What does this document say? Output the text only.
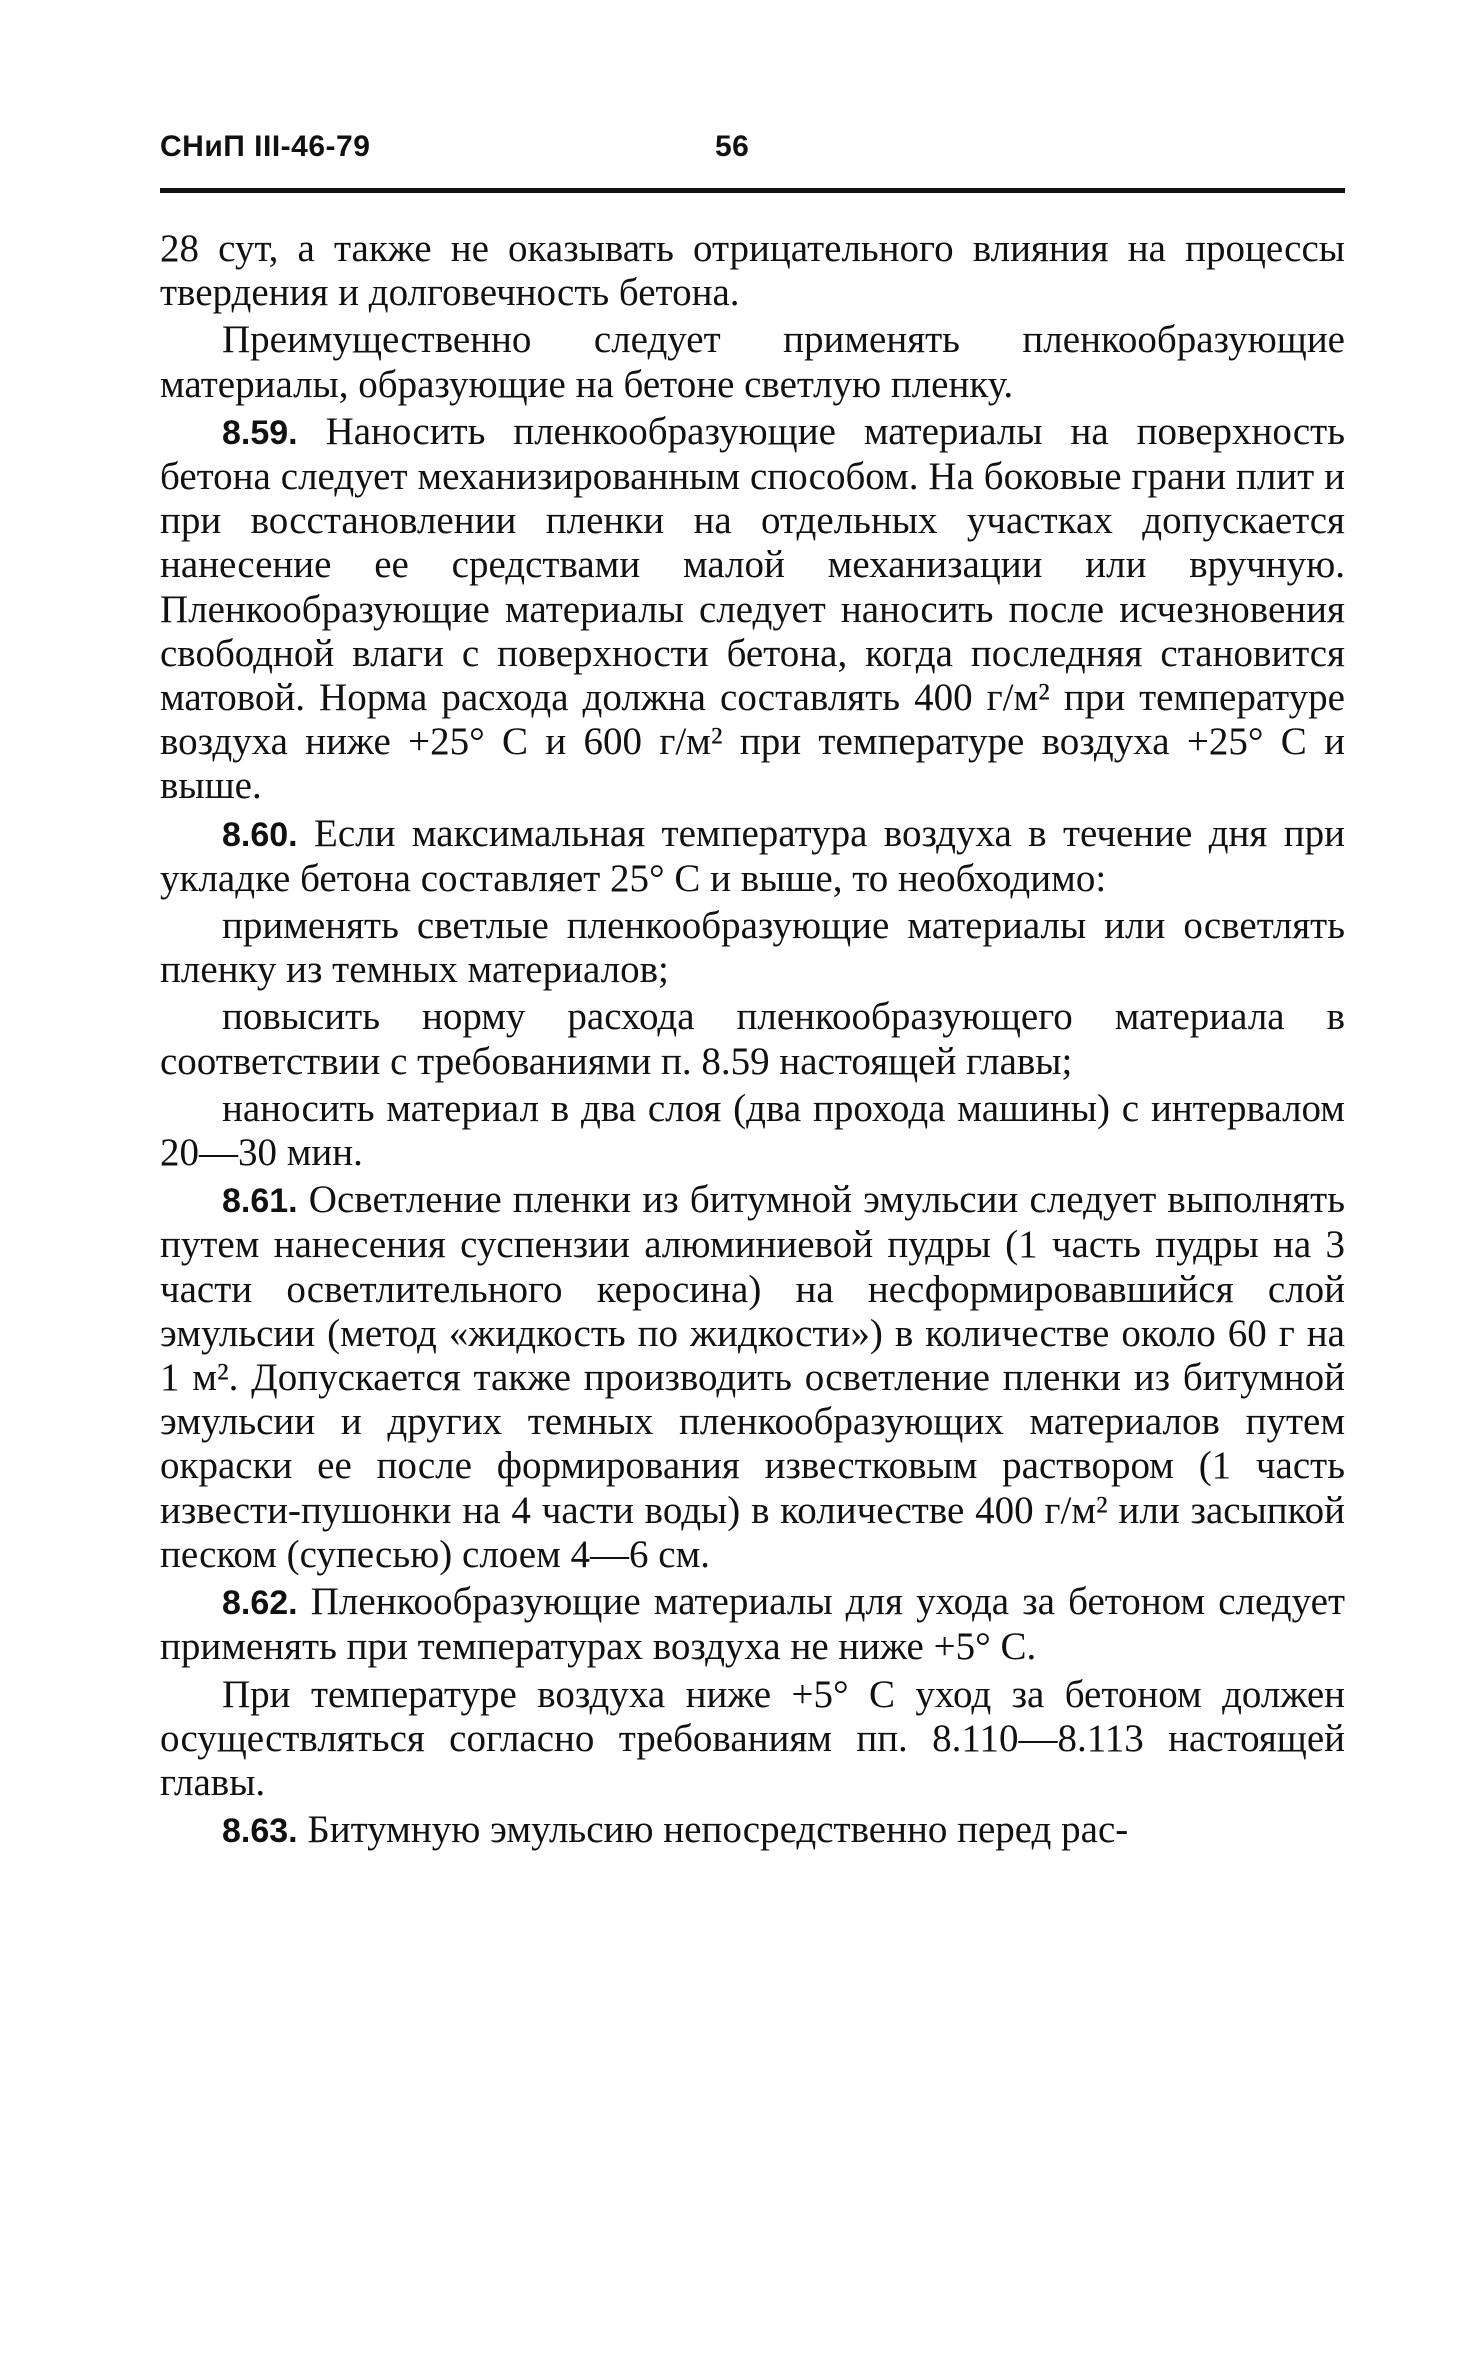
СНиП III-46-79	56

28 сут, а также не оказывать отрицательного влияния на процессы твердения и долговечность бетона.

Преимущественно следует применять пленкообразующие материалы, образующие на бетоне светлую пленку.

8.59. Наносить пленкообразующие материалы на поверхность бетона следует механизированным способом. На боковые грани плит и при восстановлении пленки на отдельных участках допускается нанесение ее средствами малой механизации или вручную. Пленкообразующие материалы следует наносить после исчезновения свободной влаги с поверхности бетона, когда последняя становится матовой. Норма расхода должна составлять 400 г/м² при температуре воздуха ниже +25° С и 600 г/м² при температуре воздуха +25° С и выше.

8.60. Если максимальная температура воздуха в течение дня при укладке бетона составляет 25° С и выше, то необходимо:

применять светлые пленкообразующие материалы или осветлять пленку из темных материалов;

повысить норму расхода пленкообразующего материала в соответствии с требованиями п. 8.59 настоящей главы;

наносить материал в два слоя (два прохода машины) с интервалом 20—30 мин.

8.61. Осветление пленки из битумной эмульсии следует выполнять путем нанесения суспензии алюминиевой пудры (1 часть пудры на 3 части осветлительного керосина) на несформировавшийся слой эмульсии (метод «жидкость по жидкости») в количестве около 60 г на 1 м². Допускается также производить осветление пленки из битумной эмульсии и других темных пленкообразующих материалов путем окраски ее после формирования известковым раствором (1 часть извести-пушонки на 4 части воды) в количестве 400 г/м² или засыпкой песком (супесью) слоем 4—6 см.

8.62. Пленкообразующие материалы для ухода за бетоном следует применять при температурах воздуха не ниже +5° С.

При температуре воздуха ниже +5° С уход за бетоном должен осуществляться согласно требованиям пп. 8.110—8.113 настоящей главы.

8.63. Битумную эмульсию непосредственно перед рас-
